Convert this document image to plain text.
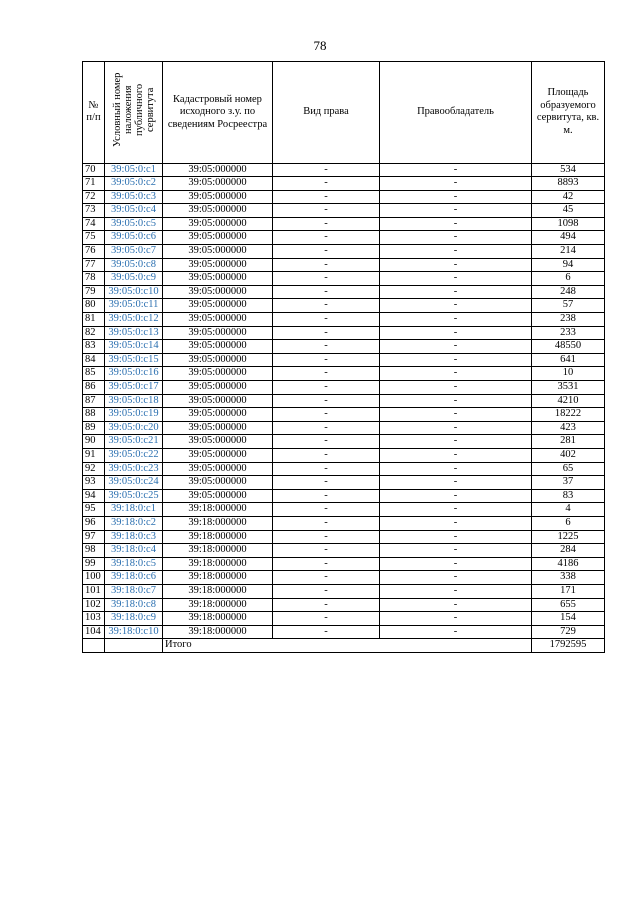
78
№ п/п	Условный номер наложения публичного сервитута	Кадастровый номер исходного з.у. по сведениям Росреестра	Вид права	Правообладатель	Площадь образуемого сервитута, кв. м.
70	39:05:0:с1	39:05:000000	-	-	534
71	39:05:0:с2	39:05:000000	-	-	8893
72	39:05:0:с3	39:05:000000	-	-	42
73	39:05:0:с4	39:05:000000	-	-	45
74	39:05:0:с5	39:05:000000	-	-	1098
75	39:05:0:с6	39:05:000000	-	-	494
76	39:05:0:с7	39:05:000000	-	-	214
77	39:05:0:с8	39:05:000000	-	-	94
78	39:05:0:с9	39:05:000000	-	-	6
79	39:05:0:с10	39:05:000000	-	-	248
80	39:05:0:с11	39:05:000000	-	-	57
81	39:05:0:с12	39:05:000000	-	-	238
82	39:05:0:с13	39:05:000000	-	-	233
83	39:05:0:с14	39:05:000000	-	-	48550
84	39:05:0:с15	39:05:000000	-	-	641
85	39:05:0:с16	39:05:000000	-	-	10
86	39:05:0:с17	39:05:000000	-	-	3531
87	39:05:0:с18	39:05:000000	-	-	4210
88	39:05:0:с19	39:05:000000	-	-	18222
89	39:05:0:с20	39:05:000000	-	-	423
90	39:05:0:с21	39:05:000000	-	-	281
91	39:05:0:с22	39:05:000000	-	-	402
92	39:05:0:с23	39:05:000000	-	-	65
93	39:05:0:с24	39:05:000000	-	-	37
94	39:05:0:с25	39:05:000000	-	-	83
95	39:18:0:с1	39:18:000000	-	-	4
96	39:18:0:с2	39:18:000000	-	-	6
97	39:18:0:с3	39:18:000000	-	-	1225
98	39:18:0:с4	39:18:000000	-	-	284
99	39:18:0:с5	39:18:000000	-	-	4186
100	39:18:0:с6	39:18:000000	-	-	338
101	39:18:0:с7	39:18:000000	-	-	171
102	39:18:0:с8	39:18:000000	-	-	655
103	39:18:0:с9	39:18:000000	-	-	154
104	39:18:0:с10	39:18:000000	-	-	729
		Итого			1792595
